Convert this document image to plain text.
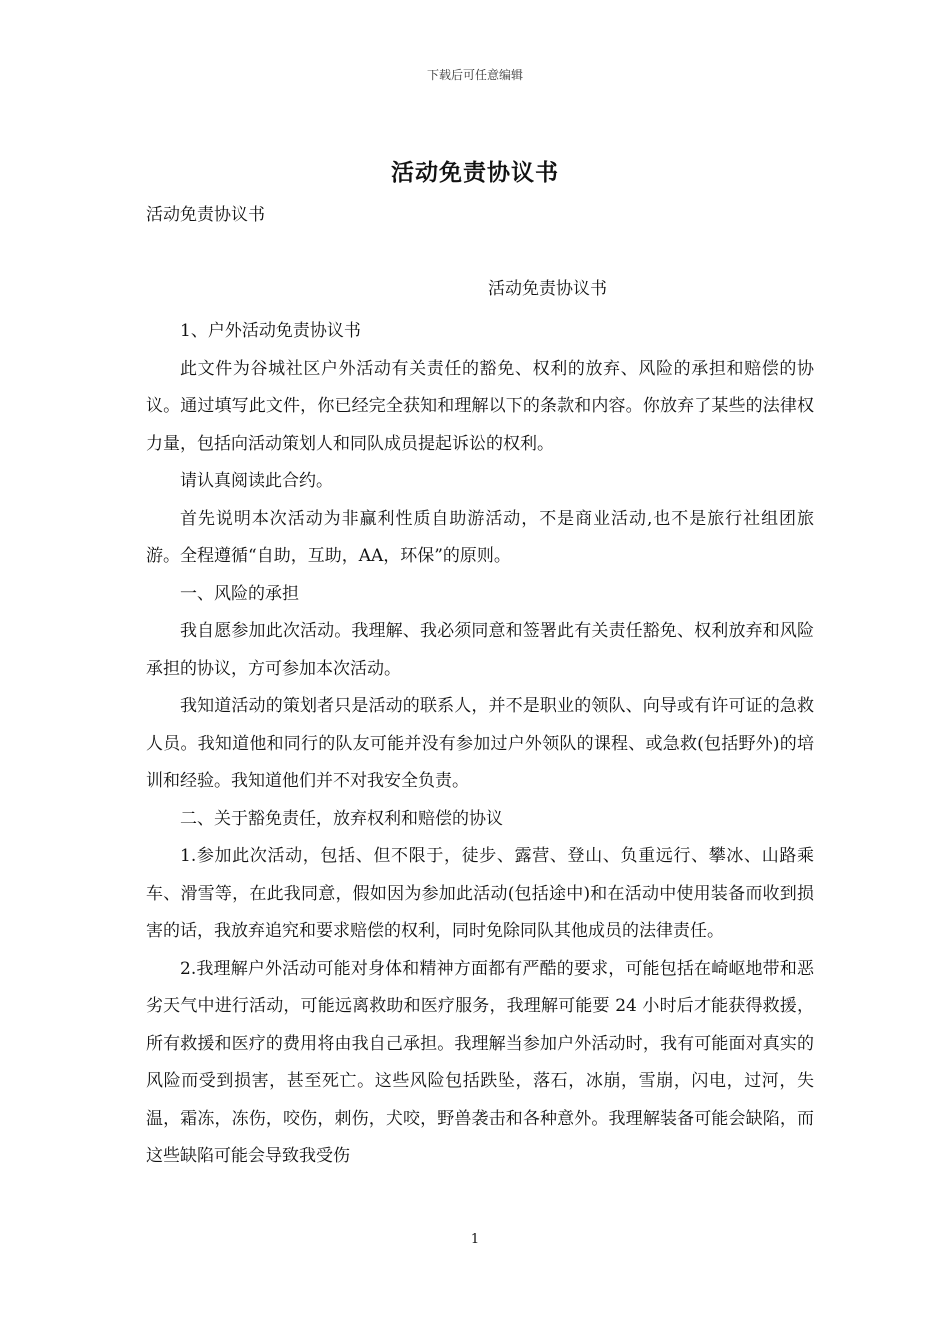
下载后可任意编辑
活动免责协议书
活动免责协议书
活动免责协议书

1、户外活动免责协议书

此文件为谷城社区户外活动有关责任的豁免、权利的放弃、风险的承担和赔偿的协议。通过填写此文件，你已经完全获知和理解以下的条款和内容。你放弃了某些的法律权力量，包括向活动策划人和同队成员提起诉讼的权利。

请认真阅读此合约。

首先说明本次活动为非赢利性质自助游活动，不是商业活动,也不是旅行社组团旅游。全程遵循“自助，互助，AA，环保”的原则。

一、风险的承担

我自愿参加此次活动。我理解、我必须同意和签署此有关责任豁免、权利放弃和风险承担的协议，方可参加本次活动。

我知道活动的策划者只是活动的联系人，并不是职业的领队、向导或有许可证的急救人员。我知道他和同行的队友可能并没有参加过户外领队的课程、或急救(包括野外)的培训和经验。我知道他们并不对我安全负责。

二、关于豁免责任，放弃权利和赔偿的协议

1.参加此次活动，包括、但不限于，徒步、露营、登山、负重远行、攀冰、山路乘车、滑雪等，在此我同意，假如因为参加此活动(包括途中)和在活动中使用装备而收到损害的话，我放弃追究和要求赔偿的权利，同时免除同队其他成员的法律责任。

2.我理解户外活动可能对身体和精神方面都有严酷的要求，可能包括在崎岖地带和恶劣天气中进行活动，可能远离救助和医疗服务，我理解可能要 24 小时后才能获得救援，所有救援和医疗的费用将由我自己承担。我理解当参加户外活动时，我有可能面对真实的风险而受到损害，甚至死亡。这些风险包括跌坠，落石，冰崩，雪崩，闪电，过河，失温，霜冻，冻伤，咬伤，刺伤，犬咬，野兽袭击和各种意外。我理解装备可能会缺陷，而这些缺陷可能会导致我受伤

1
